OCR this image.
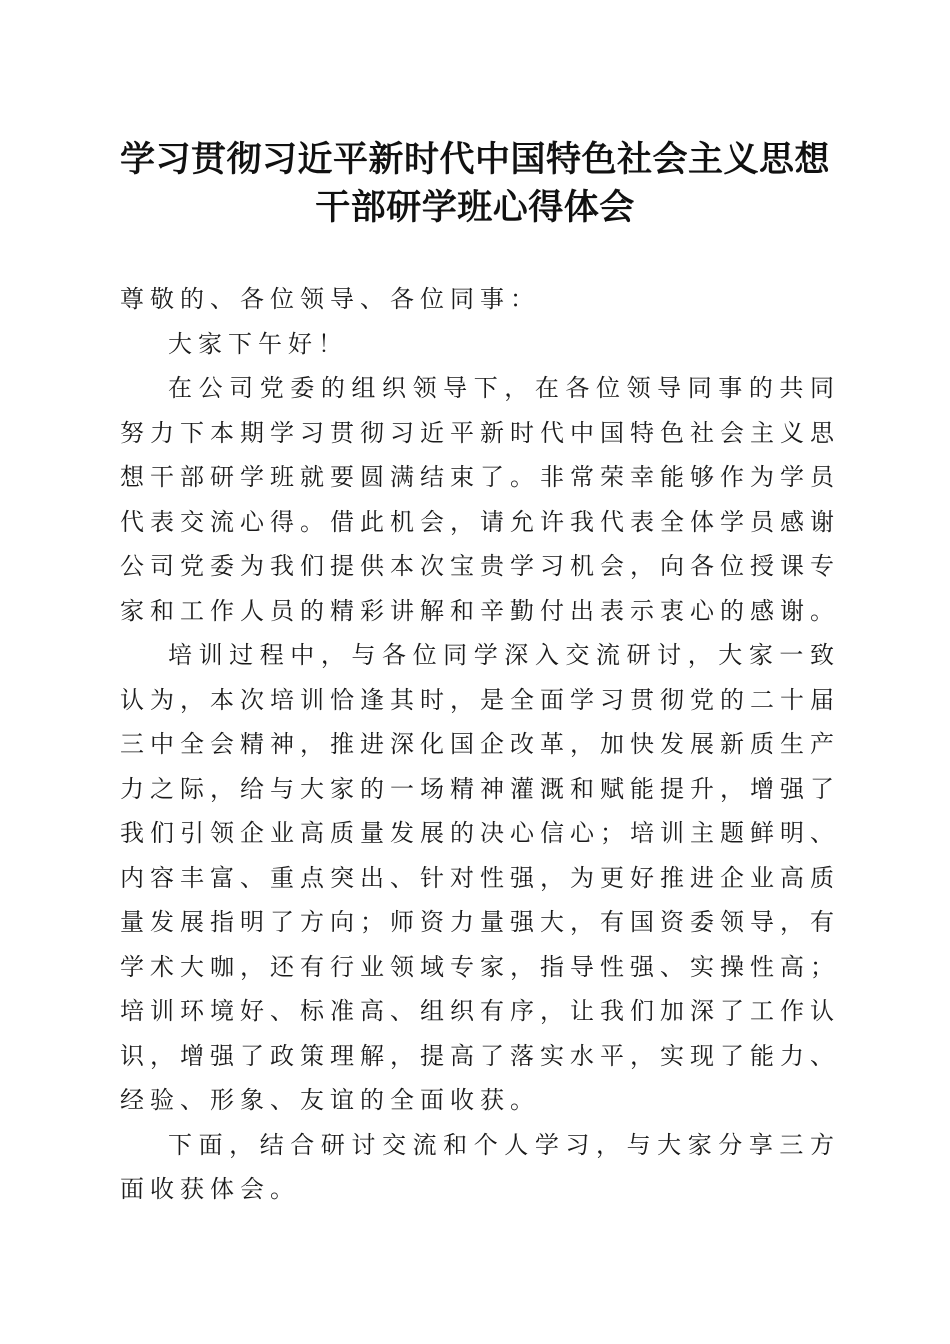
学习贯彻习近平新时代中国特色社会主义思想
干部研学班心得体会

尊敬的、各位领导、各位同事：

大家下午好！

在公司党委的组织领导下，在各位领导同事的共同努力下本期学习贯彻习近平新时代中国特色社会主义思想干部研学班就要圆满结束了。非常荣幸能够作为学员代表交流心得。借此机会，请允许我代表全体学员感谢公司党委为我们提供本次宝贵学习机会，向各位授课专家和工作人员的精彩讲解和辛勤付出表示衷心的感谢。

培训过程中，与各位同学深入交流研讨，大家一致认为，本次培训恰逢其时，是全面学习贯彻党的二十届三中全会精神，推进深化国企改革，加快发展新质生产力之际，给与大家的一场精神灌溉和赋能提升，增强了我们引领企业高质量发展的决心信心；培训主题鲜明、内容丰富、重点突出、针对性强，为更好推进企业高质量发展指明了方向；师资力量强大，有国资委领导，有学术大咖，还有行业领域专家，指导性强、实操性高；培训环境好、标准高、组织有序，让我们加深了工作认识，增强了政策理解，提高了落实水平，实现了能力、经验、形象、友谊的全面收获。

下面，结合研讨交流和个人学习，与大家分享三方面收获体会。
